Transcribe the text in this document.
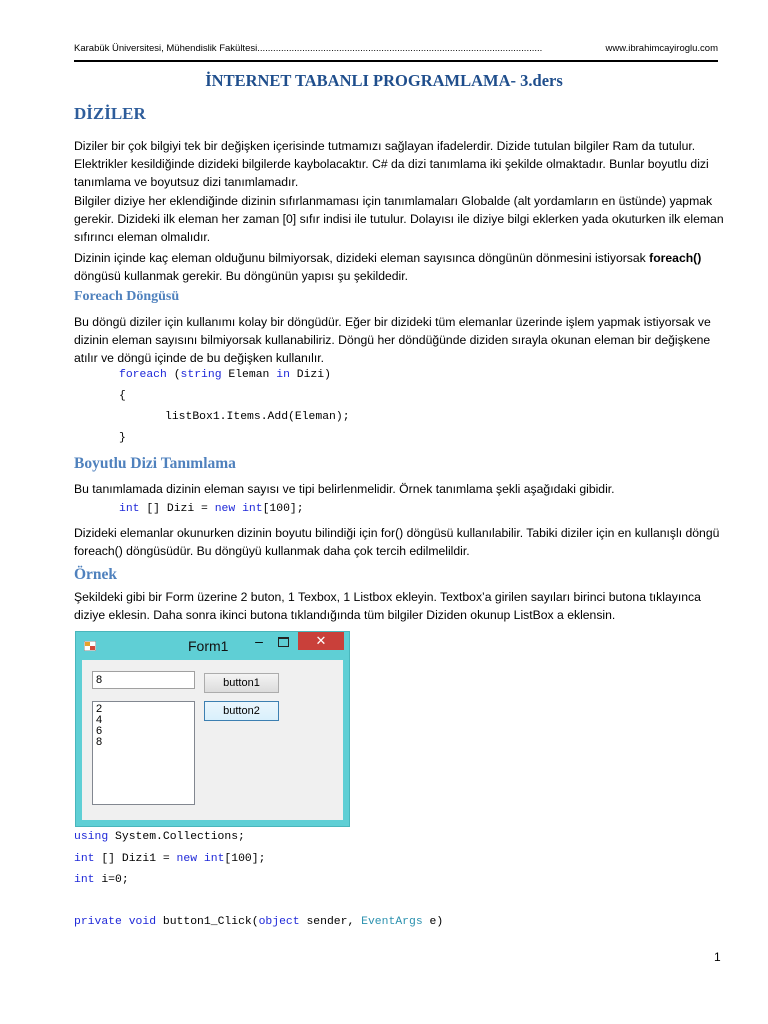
Karabük Üniversitesi, Mühendislik Fakültesi ............................................................................................................	www.ibrahimcayiroglu.com
İNTERNET TABANLI PROGRAMLAMA- 3.ders
DİZİLER
Diziler bir çok bilgiyi tek bir değişken içerisinde tutmamızı sağlayan ifadelerdir. Dizide tutulan bilgiler Ram da tutulur. Elektrikler kesildiğinde dizideki bilgilerde kaybolacaktır. C# da dizi tanımlama iki şekilde olmaktadır. Bunlar boyutlu dizi tanımlama ve boyutsuz dizi tanımlamadır.
Bilgiler diziye her eklendiğinde dizinin sıfırlanmaması için tanımlamaları Globalde (alt yordamların en üstünde) yapmak gerekir. Dizideki ilk eleman her zaman [0] sıfır indisi ile tutulur. Dolayısı ile diziye bilgi eklerken yada okuturken ilk eleman sıfırıncı eleman olmalıdır.
Dizinin içinde kaç eleman olduğunu bilmiyorsak, dizideki eleman sayısınca döngünün dönmesini istiyorsak foreach() döngüsü kullanmak gerekir. Bu döngünün yapısı şu şekildedir.
Foreach Döngüsü
Bu döngü diziler için kullanımı kolay bir döngüdür. Eğer bir dizideki tüm elemanlar üzerinde işlem yapmak istiyorsak ve dizinin eleman sayısını bilmiyorsak kullanabiliriz. Döngü her döndüğünde diziden sırayla okunan eleman bir değişkene atılır ve döngü içinde de bu değişken kullanılır.
foreach (string Eleman in Dizi)
{
listBox1.Items.Add(Eleman);
}
Boyutlu Dizi Tanımlama
Bu tanımlamada dizinin eleman sayısı ve tipi belirlenmelidir. Örnek tanımlama şekli aşağıdaki gibidir.
int [] Dizi = new int[100];
Dizideki elemanlar okunurken dizinin boyutu bilindiği için for() döngüsü kullanılabilir. Tabiki diziler için en kullanışlı döngü foreach() döngüsüdür. Bu döngüyü kullanmak daha çok tercih edilmelildir.
Örnek
Şekildeki gibi bir Form üzerine 2 buton, 1 Texbox, 1 Listbox ekleyin. Textbox’a girilen sayıları birinci butona tıklayınca diziye eklesin. Daha sonra ikinci butona tıklandığında tüm bilgiler Diziden okunup ListBox a eklensin.
Form1 –	✕
8
2
4
6
8
button1
button2
using System.Collections;
int [] Dizi1 = new int[100];
int i=0;
private void button1_Click(object sender, EventArgs e)
1
